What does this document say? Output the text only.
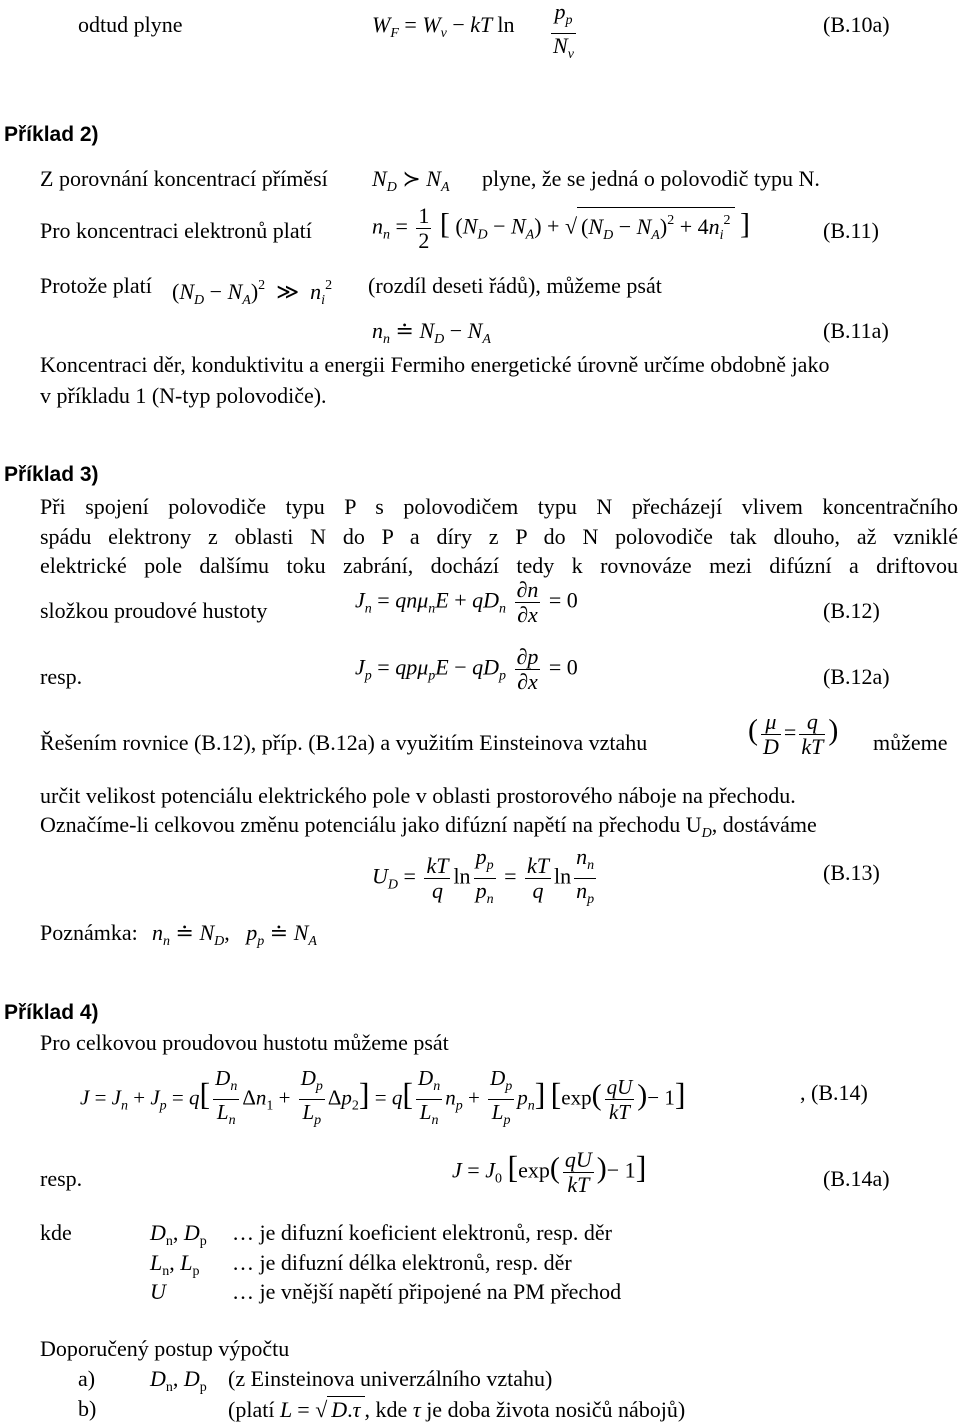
odtud plyne	$W_F = W_v$ − kT $\ln \frac{p_p}{N_v}$	(B.10a)
Příklad 2)
Z porovnání koncentrací příměsí $N_D$ ≻ $N_A$ plyne, že se jedná o polovodič typu N.
Pro koncentraci elektronů platí	$n_n = \frac{1}{2}$ [ $(N_D - N_A)$ + √ $(N_D - N_A)^2 + 4n_i^2$ ]	(B.11)
Protože platí $(N_D - N_A)^2$  ≫  $n_i^2$ (rozdíl deseti řádů), můžeme psát
$n_n$ ≐ $N_D - N_A$	(B.11a)
Koncentraci děr, konduktivitu a energii Fermiho energetické úrovně určíme obdobně jako
v příkladu 1 (N-typ polovodiče).
Příklad 3)
Při spojení polovodiče typu P s polovodičem typu N přecházejí vlivem koncentračního
spádu elektrony z oblasti N do P a díry z P do N polovodiče tak dlouho, až vzniklé
elektrické pole dalšímu toku zabrání, dochází tedy k rovnováze mezi difúzní a driftovou
složkou proudové hustoty	$J_n = qn\mu_nE + qD_n \frac{\partial n}{\partial x} = 0$	(B.12)
resp.	$J_p = qp\mu_pE - qD_p \frac{\partial p}{\partial x} = 0$	(B.12a)
Řešením rovnice (B.12), příp. (B.12a) a využitím Einsteinova vztahu	( $\frac{\mu}{D} = \frac{q}{kT}$ ) můžeme
určit velikost potenciálu elektrického pole v oblasti prostorového náboje na přechodu.
Označíme-li celkovou změnu potenciálu jako difúzní napětí na přechodu $U_D$, dostáváme
$U_D = \frac{kT}{q}$ $\ln \frac{p_p}{p_n} = \frac{kT}{q}$ $\ln \frac{n_n}{n_p}$	(B.13)
Poznámka: $n_n$ ≐ $N_D$,   $p_p$ ≐ $N_A$
Příklad 4)
Pro celkovou proudovou hustotu můžeme psát
$J = J_n + J_p = q[ \frac{D_n}{L_n} \Delta n_1 + \frac{D_p}{L_p} \Delta p_2] = q[ \frac{D_n}{L_n} n_p + \frac{D_p}{L_p} p_n]$ [$\exp( \frac{qU}{kT}$ )− 1]	, (B.14)
resp.	$J = J_0$ [$\exp( \frac{qU}{kT}$ )− 1]	(B.14a)
kde	$D_n$, $D_p$ … je difuzní koeficient elektronů, resp. děr
$L_n$, $L_p$ … je difuzní délka elektronů, resp. děr
U	… je vnější napětí připojené na PM přechod
Doporučený postup výpočtu
a) $D_n$, $D_p$ (z Einsteinova univerzálního vztahu)
b)	(platí L = √ D.τ , kde τ je doba života nosičů nábojů)
